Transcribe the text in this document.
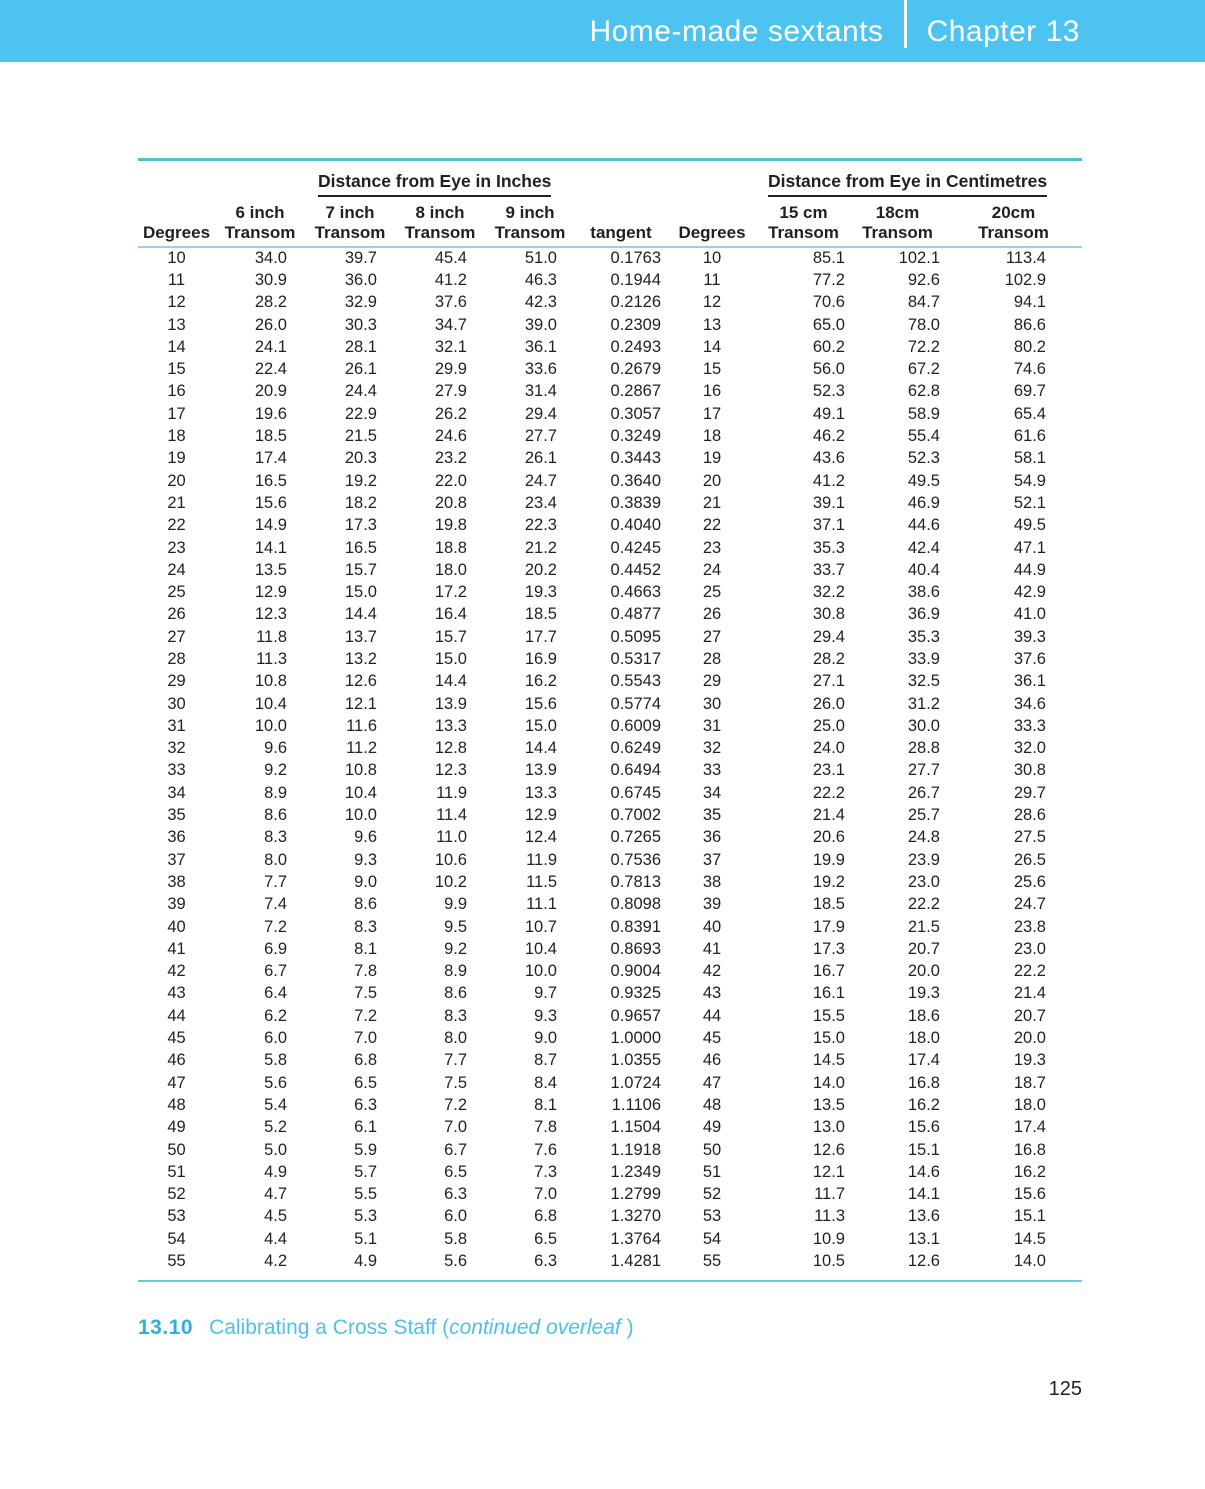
Home-made sextants Chapter 13
Distance from Eye in Inches	Distance from Eye in Centimetres
	6 inch	7 inch	8 inch	9 inch			15 cm	18cm	20cm
Degrees	Transom	Transom	Transom	Transom	tangent	Degrees	Transom	Transom	Transom
10	34.0	39.7	45.4	51.0	0.1763	10	85.1	102.1	113.4
11	30.9	36.0	41.2	46.3	0.1944	11	77.2	92.6	102.9
12	28.2	32.9	37.6	42.3	0.2126	12	70.6	84.7	94.1
13	26.0	30.3	34.7	39.0	0.2309	13	65.0	78.0	86.6
14	24.1	28.1	32.1	36.1	0.2493	14	60.2	72.2	80.2
15	22.4	26.1	29.9	33.6	0.2679	15	56.0	67.2	74.6
16	20.9	24.4	27.9	31.4	0.2867	16	52.3	62.8	69.7
17	19.6	22.9	26.2	29.4	0.3057	17	49.1	58.9	65.4
18	18.5	21.5	24.6	27.7	0.3249	18	46.2	55.4	61.6
19	17.4	20.3	23.2	26.1	0.3443	19	43.6	52.3	58.1
20	16.5	19.2	22.0	24.7	0.3640	20	41.2	49.5	54.9
21	15.6	18.2	20.8	23.4	0.3839	21	39.1	46.9	52.1
22	14.9	17.3	19.8	22.3	0.4040	22	37.1	44.6	49.5
23	14.1	16.5	18.8	21.2	0.4245	23	35.3	42.4	47.1
24	13.5	15.7	18.0	20.2	0.4452	24	33.7	40.4	44.9
25	12.9	15.0	17.2	19.3	0.4663	25	32.2	38.6	42.9
26	12.3	14.4	16.4	18.5	0.4877	26	30.8	36.9	41.0
27	11.8	13.7	15.7	17.7	0.5095	27	29.4	35.3	39.3
28	11.3	13.2	15.0	16.9	0.5317	28	28.2	33.9	37.6
29	10.8	12.6	14.4	16.2	0.5543	29	27.1	32.5	36.1
30	10.4	12.1	13.9	15.6	0.5774	30	26.0	31.2	34.6
31	10.0	11.6	13.3	15.0	0.6009	31	25.0	30.0	33.3
32	9.6	11.2	12.8	14.4	0.6249	32	24.0	28.8	32.0
33	9.2	10.8	12.3	13.9	0.6494	33	23.1	27.7	30.8
34	8.9	10.4	11.9	13.3	0.6745	34	22.2	26.7	29.7
35	8.6	10.0	11.4	12.9	0.7002	35	21.4	25.7	28.6
36	8.3	9.6	11.0	12.4	0.7265	36	20.6	24.8	27.5
37	8.0	9.3	10.6	11.9	0.7536	37	19.9	23.9	26.5
38	7.7	9.0	10.2	11.5	0.7813	38	19.2	23.0	25.6
39	7.4	8.6	9.9	11.1	0.8098	39	18.5	22.2	24.7
40	7.2	8.3	9.5	10.7	0.8391	40	17.9	21.5	23.8
41	6.9	8.1	9.2	10.4	0.8693	41	17.3	20.7	23.0
42	6.7	7.8	8.9	10.0	0.9004	42	16.7	20.0	22.2
43	6.4	7.5	8.6	9.7	0.9325	43	16.1	19.3	21.4
44	6.2	7.2	8.3	9.3	0.9657	44	15.5	18.6	20.7
45	6.0	7.0	8.0	9.0	1.0000	45	15.0	18.0	20.0
46	5.8	6.8	7.7	8.7	1.0355	46	14.5	17.4	19.3
47	5.6	6.5	7.5	8.4	1.0724	47	14.0	16.8	18.7
48	5.4	6.3	7.2	8.1	1.1106	48	13.5	16.2	18.0
49	5.2	6.1	7.0	7.8	1.1504	49	13.0	15.6	17.4
50	5.0	5.9	6.7	7.6	1.1918	50	12.6	15.1	16.8
51	4.9	5.7	6.5	7.3	1.2349	51	12.1	14.6	16.2
52	4.7	5.5	6.3	7.0	1.2799	52	11.7	14.1	15.6
53	4.5	5.3	6.0	6.8	1.3270	53	11.3	13.6	15.1
54	4.4	5.1	5.8	6.5	1.3764	54	10.9	13.1	14.5
55	4.2	4.9	5.6	6.3	1.4281	55	10.5	12.6	14.0
13.10 Calibrating a Cross Staff (continued overleaf )
125
